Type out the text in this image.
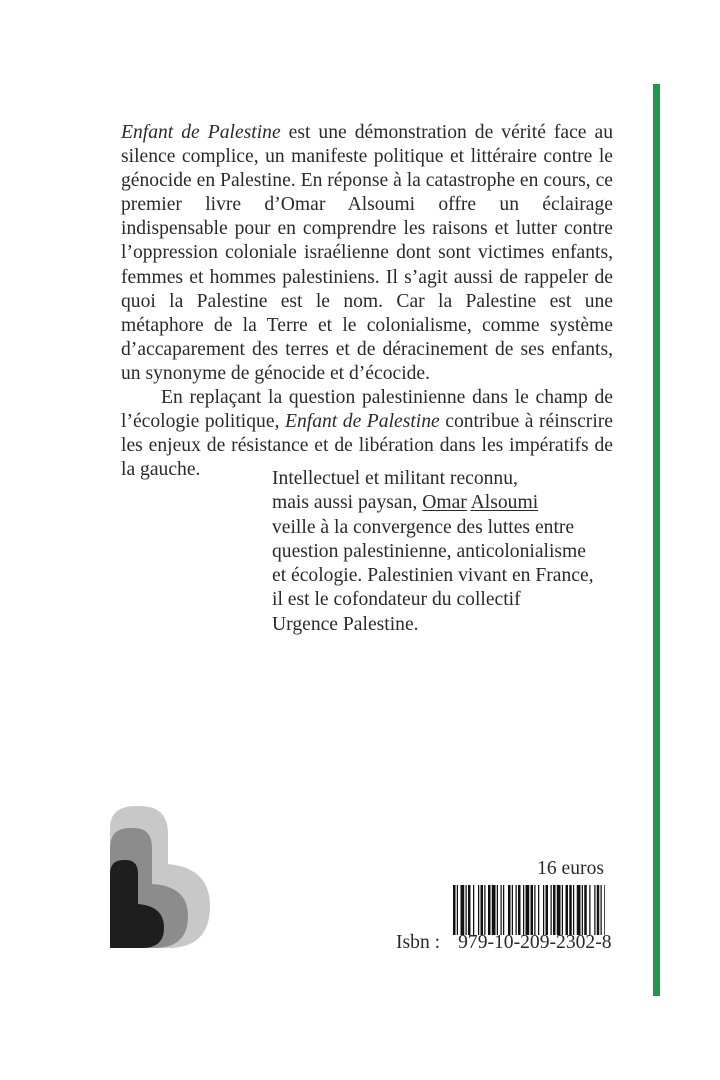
Enfant de Palestine est une démonstration de vérité face au silence complice, un manifeste politique et littéraire contre le génocide en Palestine. En réponse à la catastrophe en cours, ce premier livre d’Omar Alsoumi offre un éclairage indispensable pour en comprendre les raisons et lutter contre l’oppression coloniale israélienne dont sont victimes enfants, femmes et hommes palestiniens. Il s’agit aussi de rappeler de quoi la Palestine est le nom. Car la Palestine est une métaphore de la Terre et le colonialisme, comme système d’accaparement des terres et de déracinement de ses enfants, un synonyme de génocide et d’écocide.

En replaçant la question palestinienne dans le champ de l’écologie politique, Enfant de Palestine contribue à réinscrire les enjeux de résistance et de libération dans les impératifs de la gauche.	Intellectuel et militant reconnu,
mais aussi paysan, Omar Alsoumi
veille à la convergence des luttes entre
question palestinienne, anticolonialisme
et écologie. Palestinien vivant en France,
il est le cofondateur du collectif
Urgence Palestine.
16 euros
Isbn : 979-10-209-2302-8
